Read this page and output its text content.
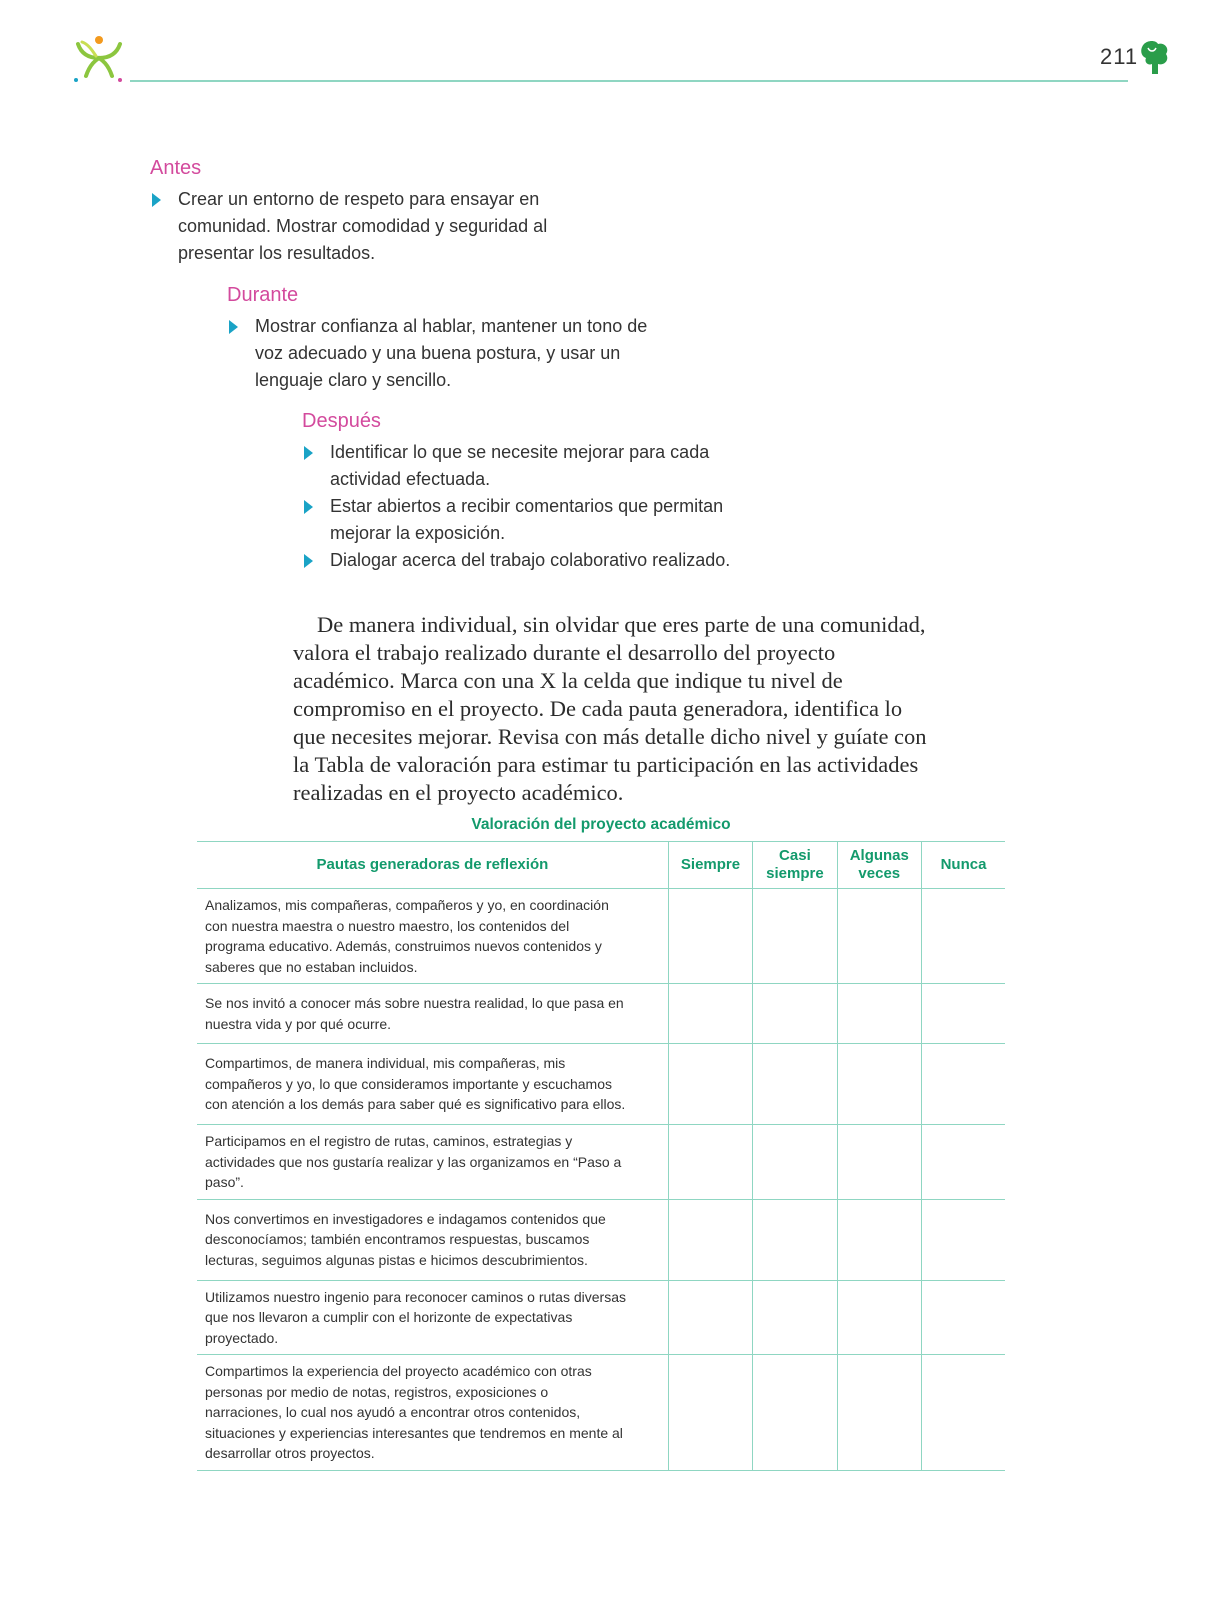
211
Antes
Crear un entorno de respeto para ensayar en comunidad. Mostrar comodidad y seguridad al presentar los resultados.
Durante
Mostrar confianza al hablar, mantener un tono de voz adecuado y una buena postura, y usar un lenguaje claro y sencillo.
Después
Identificar lo que se necesite mejorar para cada actividad efectuada.
Estar abiertos a recibir comentarios que permitan mejorar la exposición.
Dialogar acerca del trabajo colaborativo realizado.

De manera individual, sin olvidar que eres parte de una comunidad, valora el trabajo realizado durante el desarrollo del proyecto académico. Marca con una X la celda que indique tu nivel de compromiso en el proyecto. De cada pauta generadora, identifica lo que necesites mejorar. Revisa con más detalle dicho nivel y guíate con la Tabla de valoración para estimar tu participación en las actividades realizadas en el proyecto académico.

Valoración del proyecto académico
Pautas generadoras de reflexión	Siempre	Casi siempre	Algunas veces	Nunca
Analizamos, mis compañeras, compañeros y yo, en coordinación con nuestra maestra o nuestro maestro, los contenidos del programa educativo. Además, construimos nuevos contenidos y saberes que no estaban incluidos.				
Se nos invitó a conocer más sobre nuestra realidad, lo que pasa en nuestra vida y por qué ocurre.				
Compartimos, de manera individual, mis compañeras, mis compañeros y yo, lo que consideramos importante y escuchamos con atención a los demás para saber qué es significativo para ellos.				
Participamos en el registro de rutas, caminos, estrategias y actividades que nos gustaría realizar y las organizamos en “Paso a paso”.				
Nos convertimos en investigadores e indagamos contenidos que desconocíamos; también encontramos respuestas, buscamos lecturas, seguimos algunas pistas e hicimos descubrimientos.				
Utilizamos nuestro ingenio para reconocer caminos o rutas diversas que nos llevaron a cumplir con el horizonte de expectativas proyectado.				
Compartimos la experiencia del proyecto académico con otras personas por medio de notas, registros, exposiciones o narraciones, lo cual nos ayudó a encontrar otros contenidos, situaciones y experiencias interesantes que tendremos en mente al desarrollar otros proyectos.				
